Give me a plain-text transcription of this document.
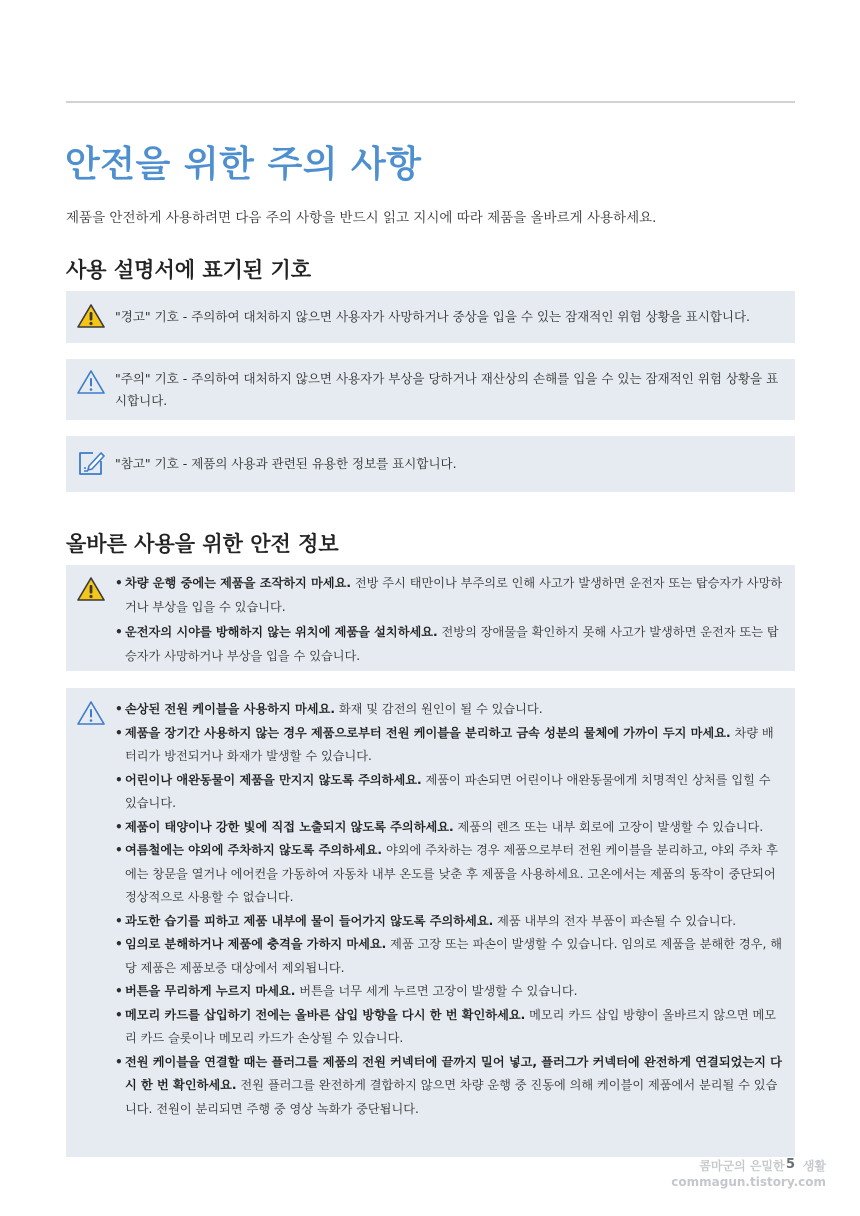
안전을 위한 주의 사항

제품을 안전하게 사용하려면 다음 주의 사항을 반드시 읽고 지시에 따라 제품을 올바르게 사용하세요.

사용 설명서에 표기된 기호
"경고" 기호 - 주의하여 대처하지 않으면 사용자가 사망하거나 중상을 입을 수 있는 잠재적인 위험 상황을 표시합니다.
"주의" 기호 - 주의하여 대처하지 않으면 사용자가 부상을 당하거나 재산상의 손해를 입을 수 있는 잠재적인 위험 상황을 표시합니다.
"참고" 기호 - 제품의 사용과 관련된 유용한 정보를 표시합니다.
올바른 사용을 위한 안전 정보
• 차량 운행 중에는 제품을 조작하지 마세요. 전방 주시 태만이나 부주의로 인해 사고가 발생하면 운전자 또는 탑승자가 사망하거나 부상을 입을 수 있습니다.
• 운전자의 시야를 방해하지 않는 위치에 제품을 설치하세요. 전방의 장애물을 확인하지 못해 사고가 발생하면 운전자 또는 탑승자가 사망하거나 부상을 입을 수 있습니다.
• 손상된 전원 케이블을 사용하지 마세요. 화재 및 감전의 원인이 될 수 있습니다.
• 제품을 장기간 사용하지 않는 경우 제품으로부터 전원 케이블을 분리하고 금속 성분의 물체에 가까이 두지 마세요. 차량 배터리가 방전되거나 화재가 발생할 수 있습니다.
• 어린이나 애완동물이 제품을 만지지 않도록 주의하세요. 제품이 파손되면 어린이나 애완동물에게 치명적인 상처를 입힐 수 있습니다.
• 제품이 태양이나 강한 빛에 직접 노출되지 않도록 주의하세요. 제품의 렌즈 또는 내부 회로에 고장이 발생할 수 있습니다.
• 여름철에는 야외에 주차하지 않도록 주의하세요. 야외에 주차하는 경우 제품으로부터 전원 케이블을 분리하고, 야외 주차 후에는 창문을 열거나 에어컨을 가동하여 자동차 내부 온도를 낮춘 후 제품을 사용하세요. 고온에서는 제품의 동작이 중단되어 정상적으로 사용할 수 없습니다.
• 과도한 습기를 피하고 제품 내부에 물이 들어가지 않도록 주의하세요. 제품 내부의 전자 부품이 파손될 수 있습니다.
• 임의로 분해하거나 제품에 충격을 가하지 마세요. 제품 고장 또는 파손이 발생할 수 있습니다. 임의로 제품을 분해한 경우, 해당 제품은 제품보증 대상에서 제외됩니다.
• 버튼을 무리하게 누르지 마세요. 버튼을 너무 세게 누르면 고장이 발생할 수 있습니다.
• 메모리 카드를 삽입하기 전에는 올바른 삽입 방향을 다시 한 번 확인하세요. 메모리 카드 삽입 방향이 올바르지 않으면 메모리 카드 슬롯이나 메모리 카드가 손상될 수 있습니다.
• 전원 케이블을 연결할 때는 플러그를 제품의 전원 커넥터에 끝까지 밀어 넣고, 플러그가 커넥터에 완전하게 연결되었는지 다시 한 번 확인하세요. 전원 플러그를 완전하게 결합하지 않으면 차량 운행 중 진동에 의해 케이블이 제품에서 분리될 수 있습니다. 전원이 분리되면 주행 중 영상 녹화가 중단됩니다.
콤마군의 은밀한 생활
commagun.tistory.com
5
